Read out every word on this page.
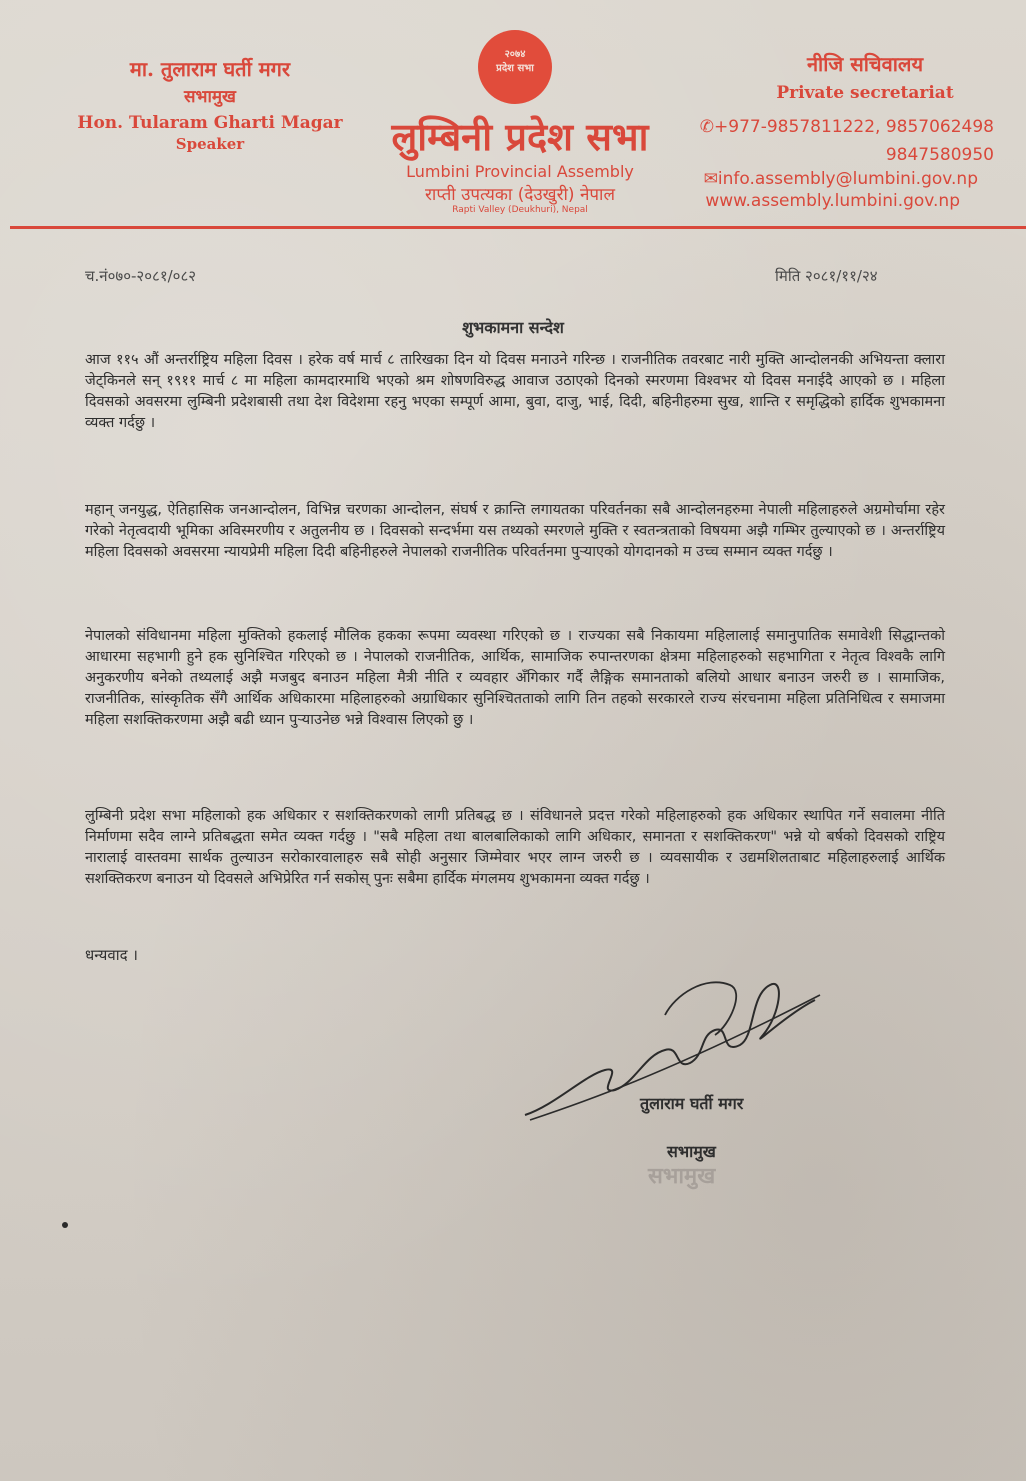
मा. तुलाराम घर्ती मगर
सभामुख
Hon. Tularam Gharti Magar
Speaker
२०७४
प्रदेश सभा
लुम्बिनी प्रदेश सभा
Lumbini Provincial Assembly
राप्ती उपत्यका (देउखुरी) नेपाल
Rapti Valley (Deukhuri), Nepal
नीजि सचिवालय
Private secretariat
✆+977-9857811222, 9857062498
9847580950
✉info.assembly@lumbini.gov.np
www.assembly.lumbini.gov.np
च.नं०७०-२०८१/०८२	मिति २०८१/११/२४
शुभकामना सन्देश
आज ११५ औं अन्तर्राष्ट्रिय महिला दिवस । हरेक वर्ष मार्च ८ तारिखका दिन यो दिवस मनाउने गरिन्छ । राजनीतिक तवरबाट नारी मुक्ति आन्दोलनकी अभियन्ता क्लारा जेट्किनले सन् १९११ मार्च ८ मा महिला कामदारमाथि भएको श्रम शोषणविरुद्ध आवाज उठाएको दिनको स्मरणमा विश्वभर यो दिवस मनाईदै आएको छ । महिला दिवसको अवसरमा लुम्बिनी प्रदेशबासी तथा देश विदेशमा रहनु भएका सम्पूर्ण आमा, बुवा, दाजु, भाई, दिदी, बहिनीहरुमा सुख, शान्ति र समृद्धिको हार्दिक शुभकामना व्यक्त गर्दछु ।
महान् जनयुद्ध, ऐतिहासिक जनआन्दोलन, विभिन्न चरणका आन्दोलन, संघर्ष र क्रान्ति लगायतका परिवर्तनका सबै आन्दोलनहरुमा नेपाली महिलाहरुले अग्रमोर्चामा रहेर गरेको नेतृत्वदायी भूमिका अविस्मरणीय र अतुलनीय छ । दिवसको सन्दर्भमा यस तथ्यको स्मरणले मुक्ति र स्वतन्त्रताको विषयमा अझै गम्भिर तुल्याएको छ । अन्तर्राष्ट्रिय महिला दिवसको अवसरमा न्यायप्रेमी महिला दिदी बहिनीहरुले नेपालको राजनीतिक परिवर्तनमा पुर्‍याएको योगदानको म उच्च सम्मान व्यक्त गर्दछु ।
नेपालको संविधानमा महिला मुक्तिको हकलाई मौलिक हकका रूपमा व्यवस्था गरिएको छ । राज्यका सबै निकायमा महिलालाई समानुपातिक समावेशी सिद्धान्तको आधारमा सहभागी हुने हक सुनिश्चित गरिएको छ । नेपालको राजनीतिक, आर्थिक, सामाजिक रुपान्तरणका क्षेत्रमा महिलाहरुको सहभागिता र नेतृत्व विश्वकै लागि अनुकरणीय बनेको तथ्यलाई अझै मजबुद बनाउन महिला मैत्री नीति र व्यवहार अँगिकार गर्दै लैङ्गिक समानताको बलियो आधार बनाउन जरुरी छ । सामाजिक, राजनीतिक, सांस्कृतिक सँगै आर्थिक अधिकारमा महिलाहरुको अग्राधिकार सुनिश्चितताको लागि तिन तहको सरकारले राज्य संरचनामा महिला प्रतिनिधित्व र समाजमा महिला सशक्तिकरणमा अझै बढी ध्यान पुर्‍याउनेछ भन्ने विश्वास लिएको छु ।
लुम्बिनी प्रदेश सभा महिलाको हक अधिकार र सशक्तिकरणको लागी प्रतिबद्ध छ । संविधानले प्रदत्त गरेको महिलाहरुको हक अधिकार स्थापित गर्ने सवालमा नीति निर्माणमा सदैव लाग्ने प्रतिबद्धता समेत व्यक्त गर्दछु । "सबै महिला तथा बालबालिकाको लागि अधिकार, समानता र सशक्तिकरण" भन्ने यो बर्षको दिवसको राष्ट्रिय नारालाई वास्तवमा सार्थक तुल्याउन सरोकारवालाहरु सबै सोही अनुसार जिम्मेवार भएर लाग्न जरुरी छ । व्यवसायीक र उद्यमशिलताबाट महिलाहरुलाई आर्थिक सशक्तिकरण बनाउन यो दिवसले अभिप्रेरित गर्न सकोस् पुनः सबैमा हार्दिक मंगलमय शुभकामना व्यक्त गर्दछु ।
धन्यवाद ।
तुलाराम घर्ती मगर
सभामुख
सभामुख
